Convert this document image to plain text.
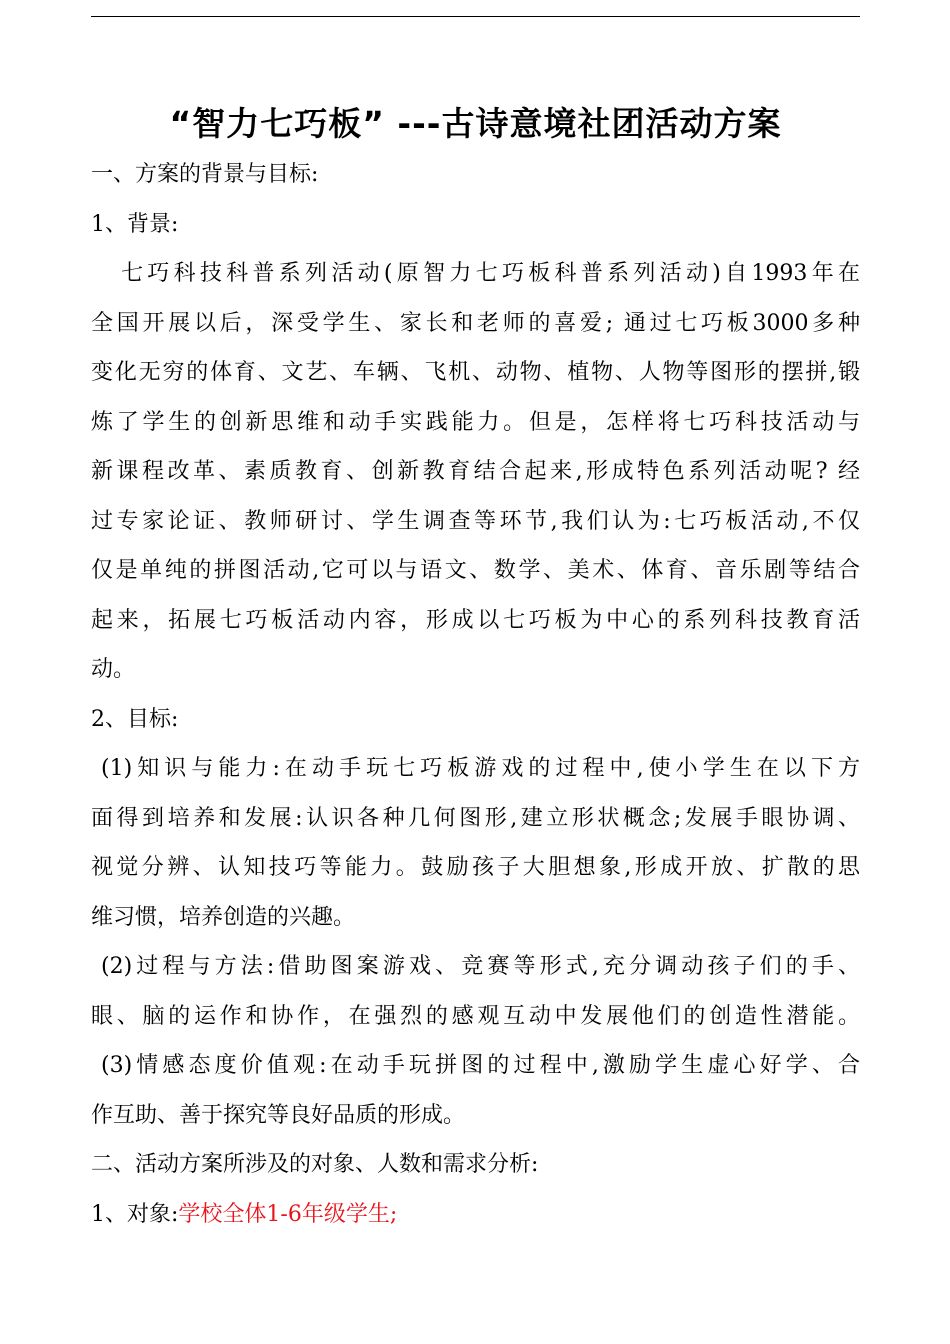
“智力七巧板” ---古诗意境社团活动方案
一、方案的背景与目标:
1、背景:
七巧科技科普系列活动(原智力七巧板科普系列活动)自1993年在
全国开展以后，深受学生、家长和老师的喜爱; 通过七巧板3000多种
变化无穷的体育、文艺、车辆、飞机、动物、植物、人物等图形的摆拼,锻
炼了学生的创新思维和动手实践能力。但是，怎样将七巧科技活动与
新课程改革、素质教育、创新教育结合起来,形成特色系列活动呢? 经
过专家论证、教师研讨、学生调查等环节,我们认为:七巧板活动,不仅
仅是单纯的拼图活动,它可以与语文、数学、美术、体育、音乐剧等结合
起来，拓展七巧板活动内容，形成以七巧板为中心的系列科技教育活
动。
2、目标:
(1)知识与能力:在动手玩七巧板游戏的过程中,使小学生在以下方
面得到培养和发展:认识各种几何图形,建立形状概念;发展手眼协调、
视觉分辨、认知技巧等能力。鼓励孩子大胆想象,形成开放、扩散的思
维习惯，培养创造的兴趣。
(2)过程与方法:借助图案游戏、竞赛等形式,充分调动孩子们的手、
眼、脑的运作和协作，在强烈的感观互动中发展他们的创造性潜能。
(3)情感态度价值观:在动手玩拼图的过程中,激励学生虚心好学、合
作互助、善于探究等良好品质的形成。
二、活动方案所涉及的对象、人数和需求分析:
1、对象:学校全体1-6年级学生;
